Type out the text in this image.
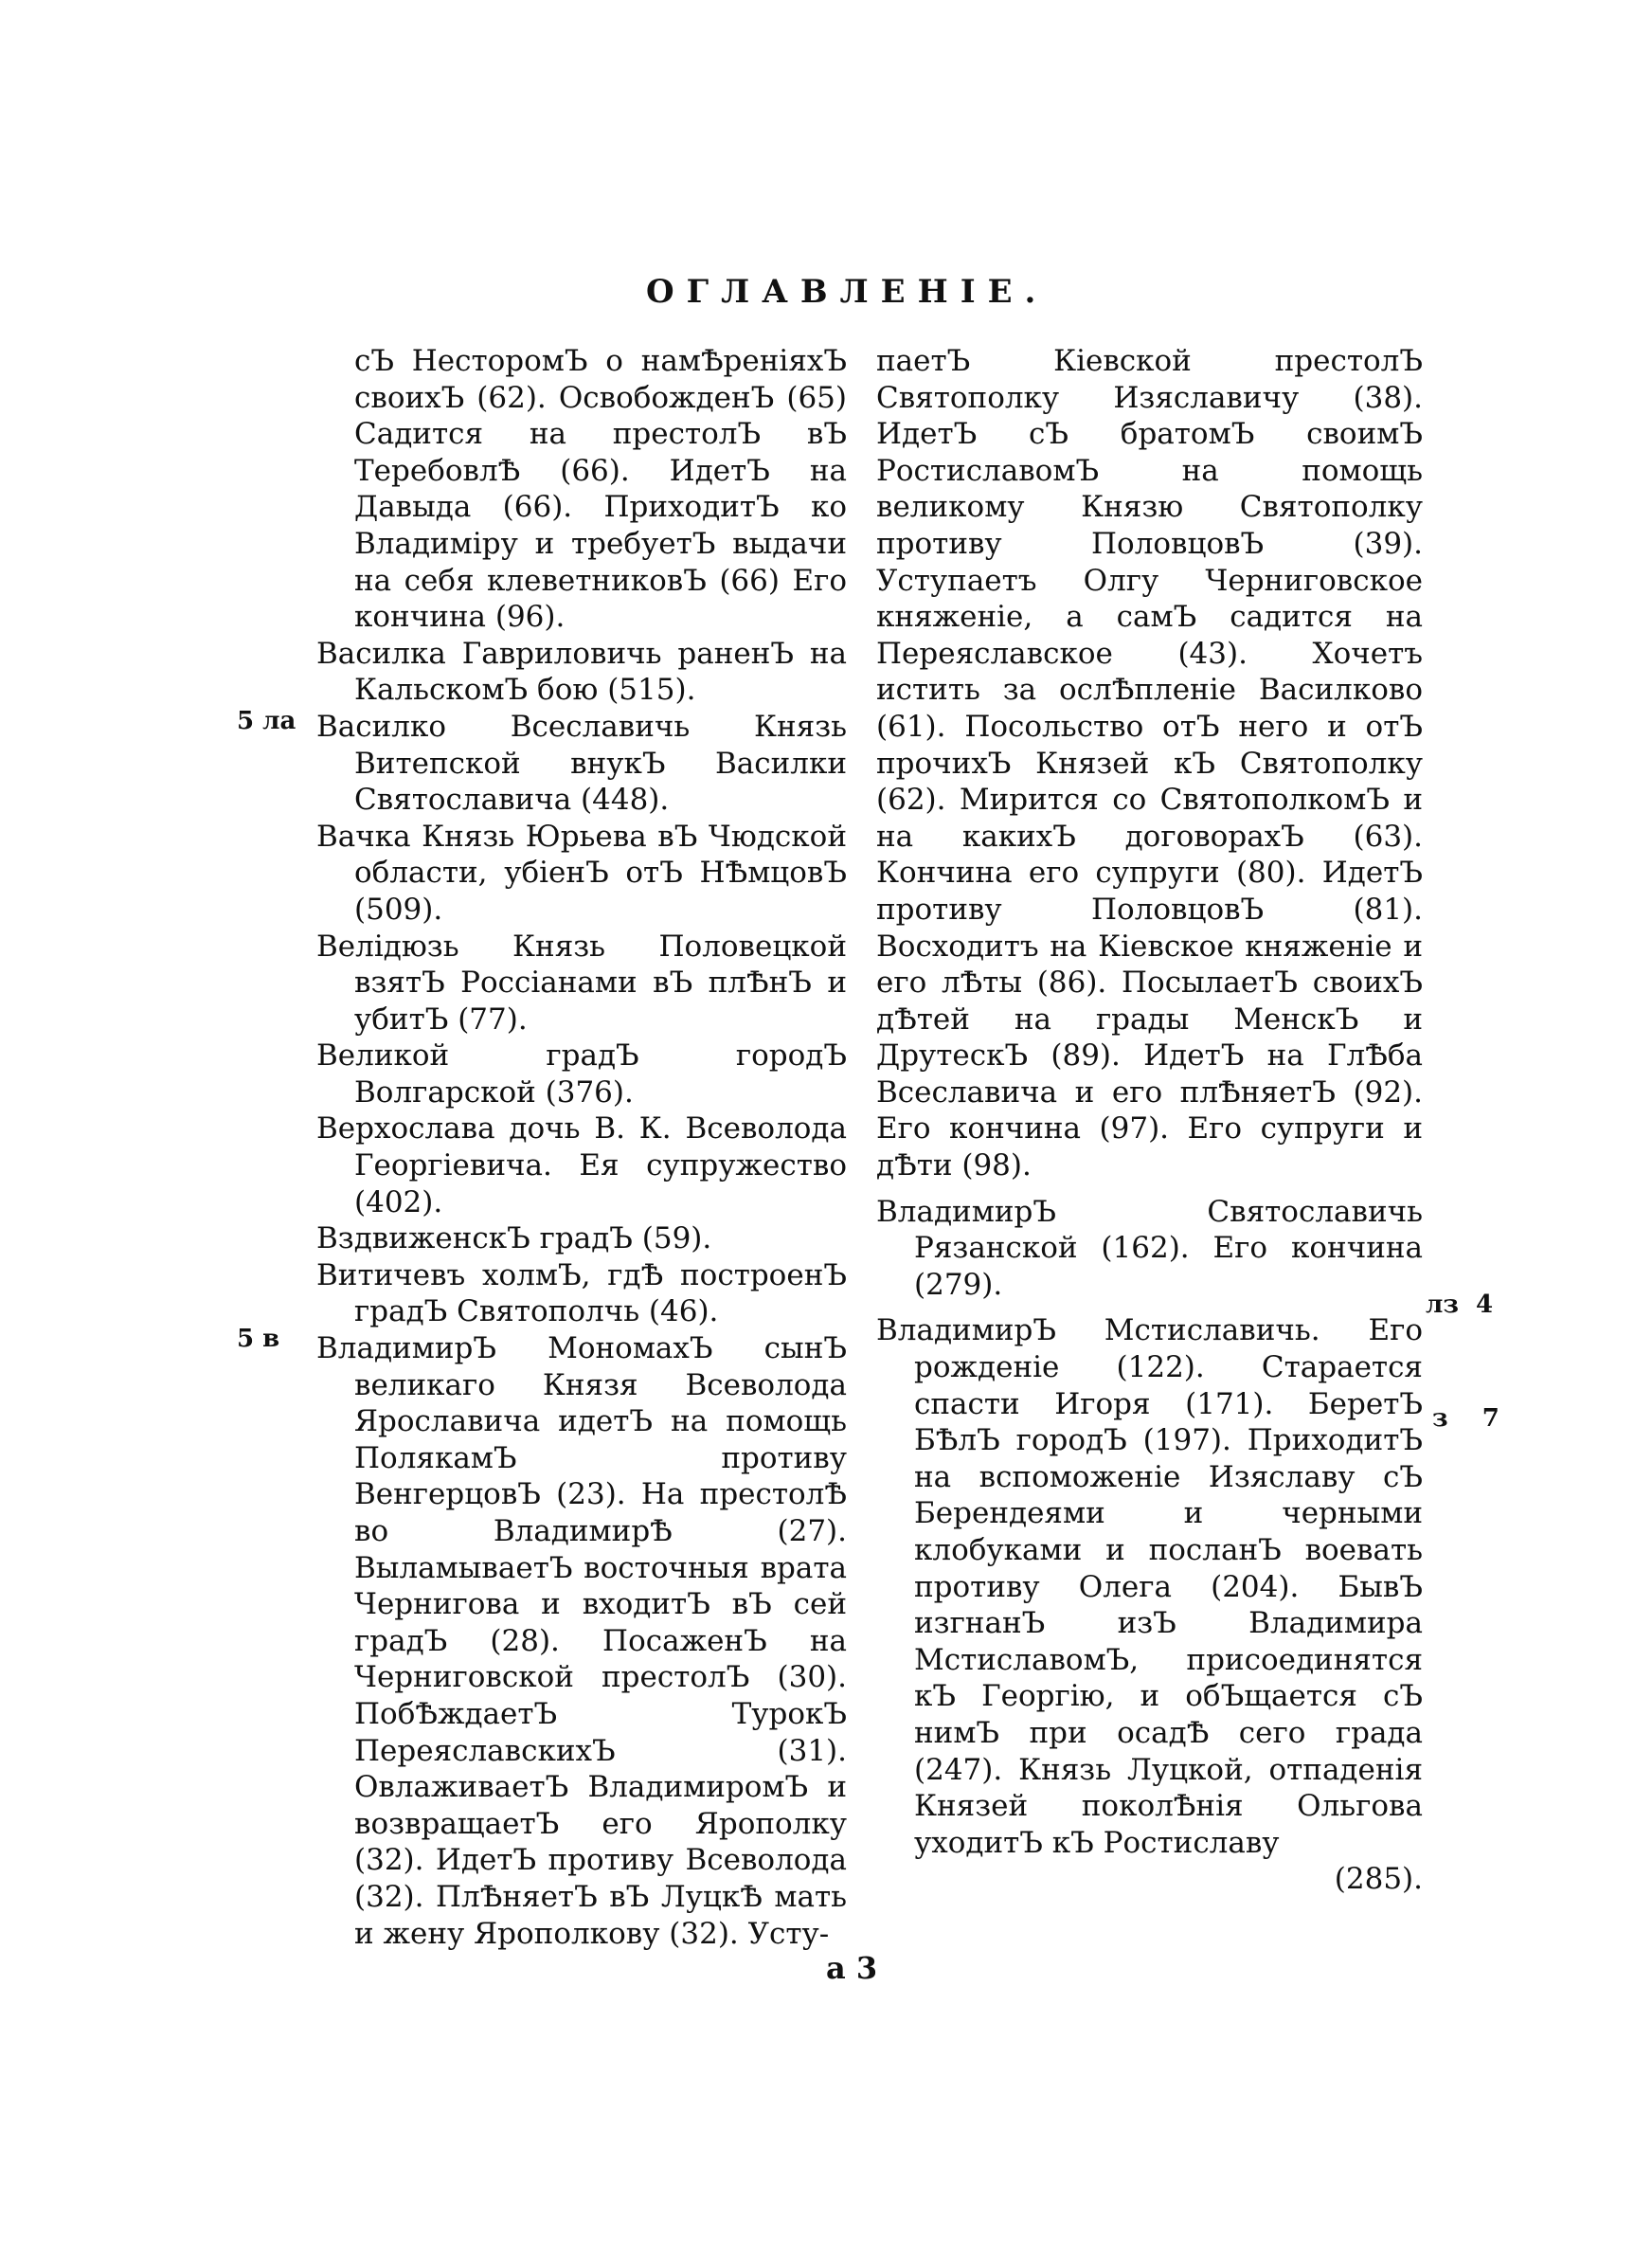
ОГЛАВЛЕНІЕ.

сЪ НесторомЪ о намѢреніяхЪ своихЪ (62). ОсвобожденЪ (65) Садится на престолЪ вЪ ТеребовлѢ (66). ИдетЪ на Давыда (66). ПриходитЪ ко Владиміру и требуетЪ выдачи на себя клеветниковЪ (66) Его кончина (96).

Василка Гавриловичь раненЪ на КальскомЪ бою (515).

Василко Всеславичь Князь Витепской внукЪ Василки Святославича (448).

Вачка Князь Юрьева вЪ Чюдской области, убіенЪ отЪ НѢмцовЪ (509).

Велідюзь Князь Половецкой взятЪ Россіанами вЪ плѢнЪ и убитЪ (77).

Великой градЪ городЪ Волгарской (376).

Верхослава дочь В. К. Всеволода Георгіевича. Ея супружество (402).

ВздвиженскЪ градЪ (59).

Витичевъ холмЪ, гдѢ построенЪ градЪ Святополчь (46).

ВладимирЪ МономахЪ сынЪ великаго Князя Всеволода Ярославича идетЪ на помощь ПолякамЪ противу ВенгерцовЪ (23). На престолѢ во ВладимирѢ (27). ВыламываетЪ восточныя врата Чернигова и входитЪ вЪ сей градЪ (28). ПосаженЪ на Черниговской престолЪ (30). ПобѢждаетЪ ТурокЪ ПереяславскихЪ (31). ОвлаживаетЪ ВладимиромЪ и возвращаетЪ его Ярополку (32). ИдетЪ противу Всеволода (32). ПлѢняетЪ вЪ ЛуцкѢ мать и жену Ярополкову (32). Усту-

паетЪ Кіевской престолЪ Святополку Изяславичу (38). ИдетЪ сЪ братомЪ своимЪ РостиславомЪ на помощь великому Князю Святополку противу ПоловцовЪ (39). Уступаетъ Олгу Черниговское княженіе, а самЪ садится на Переяславское (43). Хочетъ истить за ослѢпленіе Василково (61). Посольство отЪ него и отЪ прочихЪ Князей кЪ Святополку (62). Мирится со СвятополкомЪ и на какихЪ договорахЪ (63). Кончина его супруги (80). ИдетЪ противу ПоловцовЪ (81). Восходитъ на Кіевское княженіе и его лѢты (86). ПосылаетЪ своихЪ дѢтей на грады МенскЪ и ДрутескЪ (89). ИдетЪ на ГлѢба Всеславича и его плѢняетЪ (92). Его кончина (97). Его супруги и дѢти (98).

ВладимирЪ Святославичь Рязанской (162). Его кончина (279).

ВладимирЪ Мстиславичь. Его рожденіе (122). Старается спасти Игоря (171). БеретЪ БѢлЪ городЪ (197). ПриходитЪ на вспоможеніе Изяславу сЪ Берендеями и черными клобуками и посланЪ воевать противу Олега (204). БывЪ изгнанЪ изЪ Владимира МстиславомЪ, присоединятся кЪ Георгію, и обЪщается сЪ нимЪ при осадѢ сего града (247). Князь Луцкой, отпаденія Князей поколѢнія Ольгова уходитЪ кЪ Ростиславу

(285).

5 ла
5 в
лз  4
з    7
а 3
